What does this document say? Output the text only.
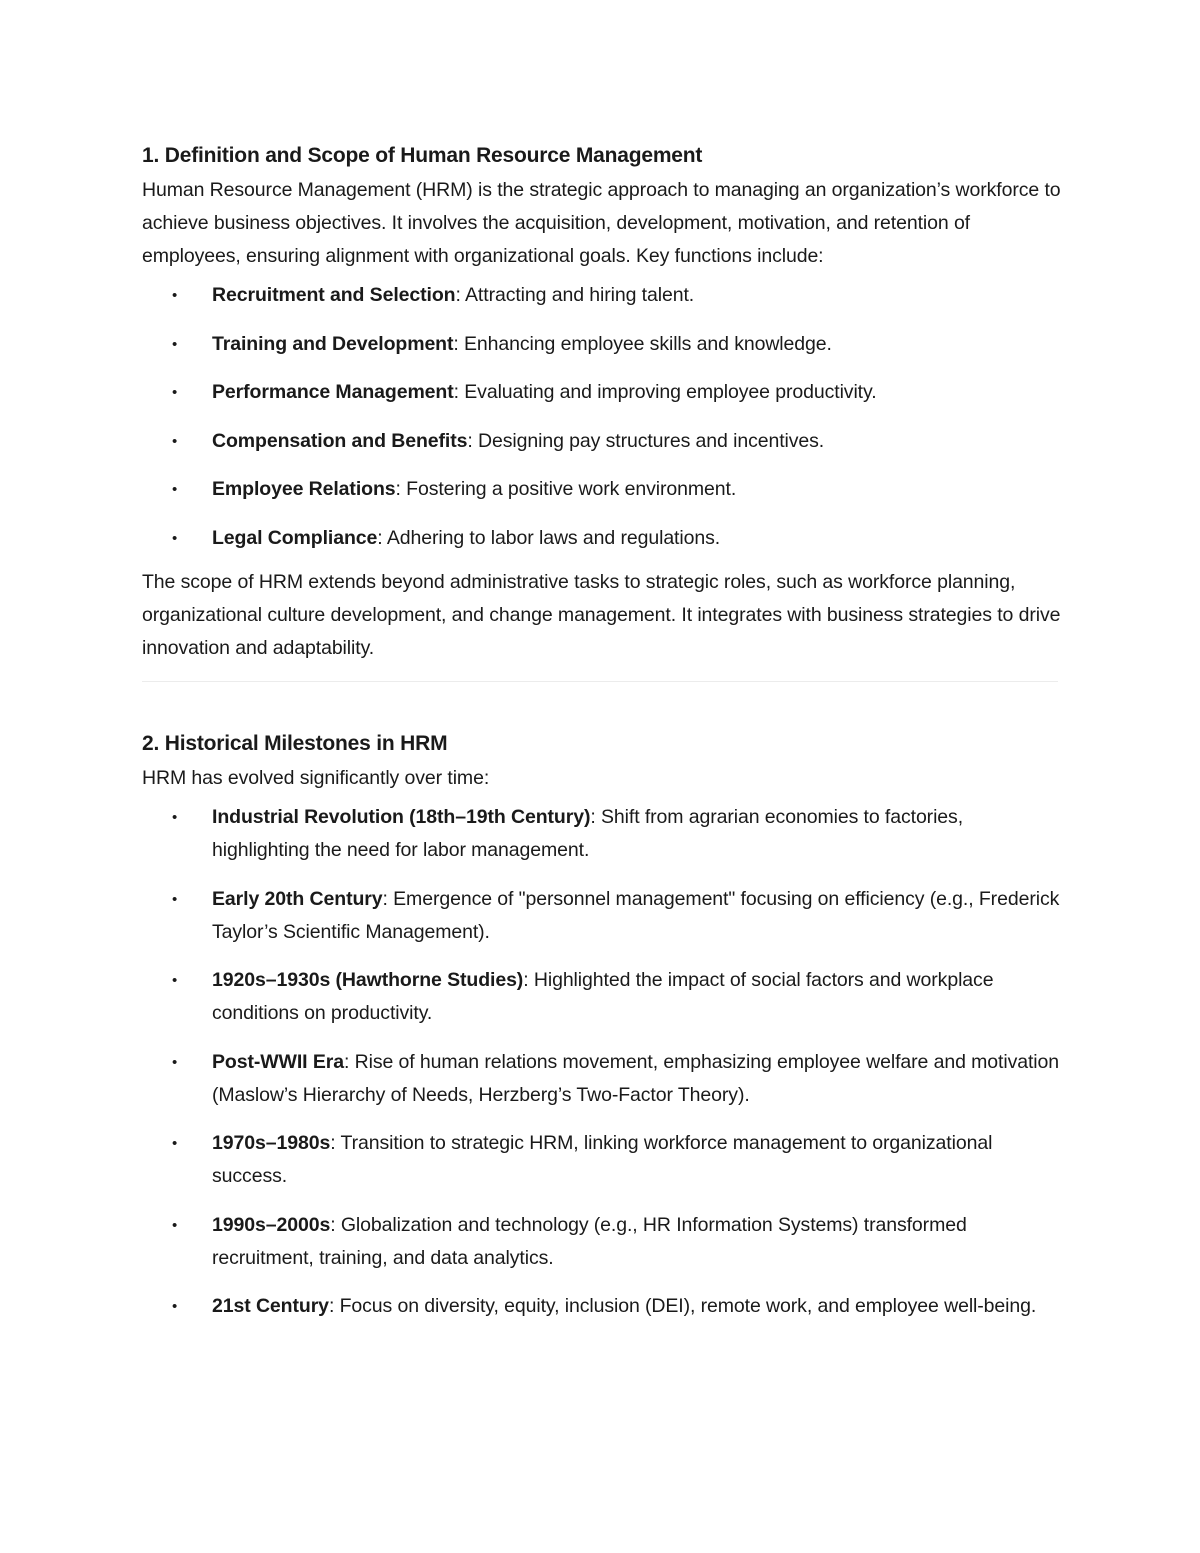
1. Definition and Scope of Human Resource Management

Human Resource Management (HRM) is the strategic approach to managing an organization’s workforce to achieve business objectives. It involves the acquisition, development, motivation, and retention of employees, ensuring alignment with organizational goals. Key functions include:

• Recruitment and Selection: Attracting and hiring talent.
• Training and Development: Enhancing employee skills and knowledge.
• Performance Management: Evaluating and improving employee productivity.
• Compensation and Benefits: Designing pay structures and incentives.
• Employee Relations: Fostering a positive work environment.
• Legal Compliance: Adhering to labor laws and regulations.

The scope of HRM extends beyond administrative tasks to strategic roles, such as workforce planning, organizational culture development, and change management. It integrates with business strategies to drive innovation and adaptability.

2. Historical Milestones in HRM

HRM has evolved significantly over time:

• Industrial Revolution (18th–19th Century): Shift from agrarian economies to factories, highlighting the need for labor management.
• Early 20th Century: Emergence of "personnel management" focusing on efficiency (e.g., Frederick Taylor’s Scientific Management).
• 1920s–1930s (Hawthorne Studies): Highlighted the impact of social factors and workplace conditions on productivity.
• Post-WWII Era: Rise of human relations movement, emphasizing employee welfare and motivation (Maslow’s Hierarchy of Needs, Herzberg’s Two-Factor Theory).
• 1970s–1980s: Transition to strategic HRM, linking workforce management to organizational success.
• 1990s–2000s: Globalization and technology (e.g., HR Information Systems) transformed recruitment, training, and data analytics.
• 21st Century: Focus on diversity, equity, inclusion (DEI), remote work, and employee well-being.
